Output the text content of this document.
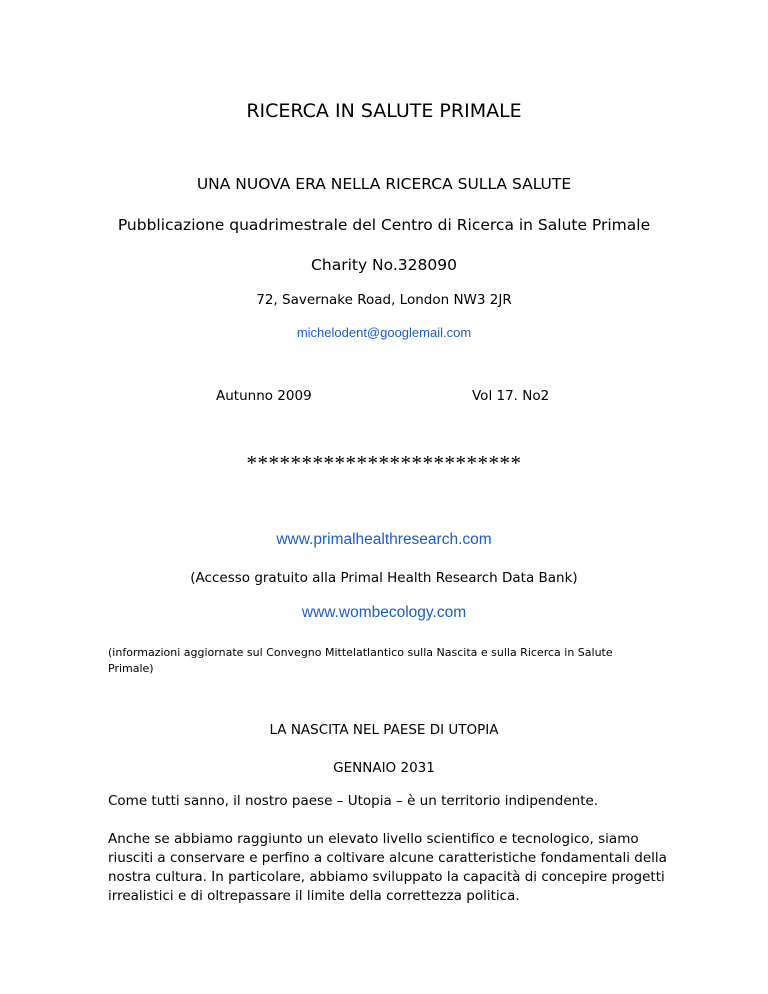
RICERCA IN SALUTE PRIMALE
UNA NUOVA ERA NELLA RICERCA SULLA SALUTE
Pubblicazione quadrimestrale del Centro di Ricerca in Salute Primale
Charity No.328090
72, Savernake Road, London NW3 2JR
michelodent@googlemail.com
Autunno 2009	Vol 17. No2
*************************
www.primalhealthresearch.com
(Accesso gratuito alla Primal Health Research Data Bank)
www.wombecology.com
(informazioni aggiornate sul Convegno Mittelatlantico sulla Nascita e sulla Ricerca in Salute Primale)
LA NASCITA NEL PAESE DI UTOPIA
GENNAIO 2031
Come tutti sanno, il nostro paese – Utopia – è un territorio indipendente.
Anche se abbiamo raggiunto un elevato livello scientifico e tecnologico, siamo riusciti a conservare e perfino a coltivare alcune caratteristiche fondamentali della nostra cultura. In particolare, abbiamo sviluppato la capacità di concepire progetti irrealistici e di oltrepassare il limite della correttezza politica.
